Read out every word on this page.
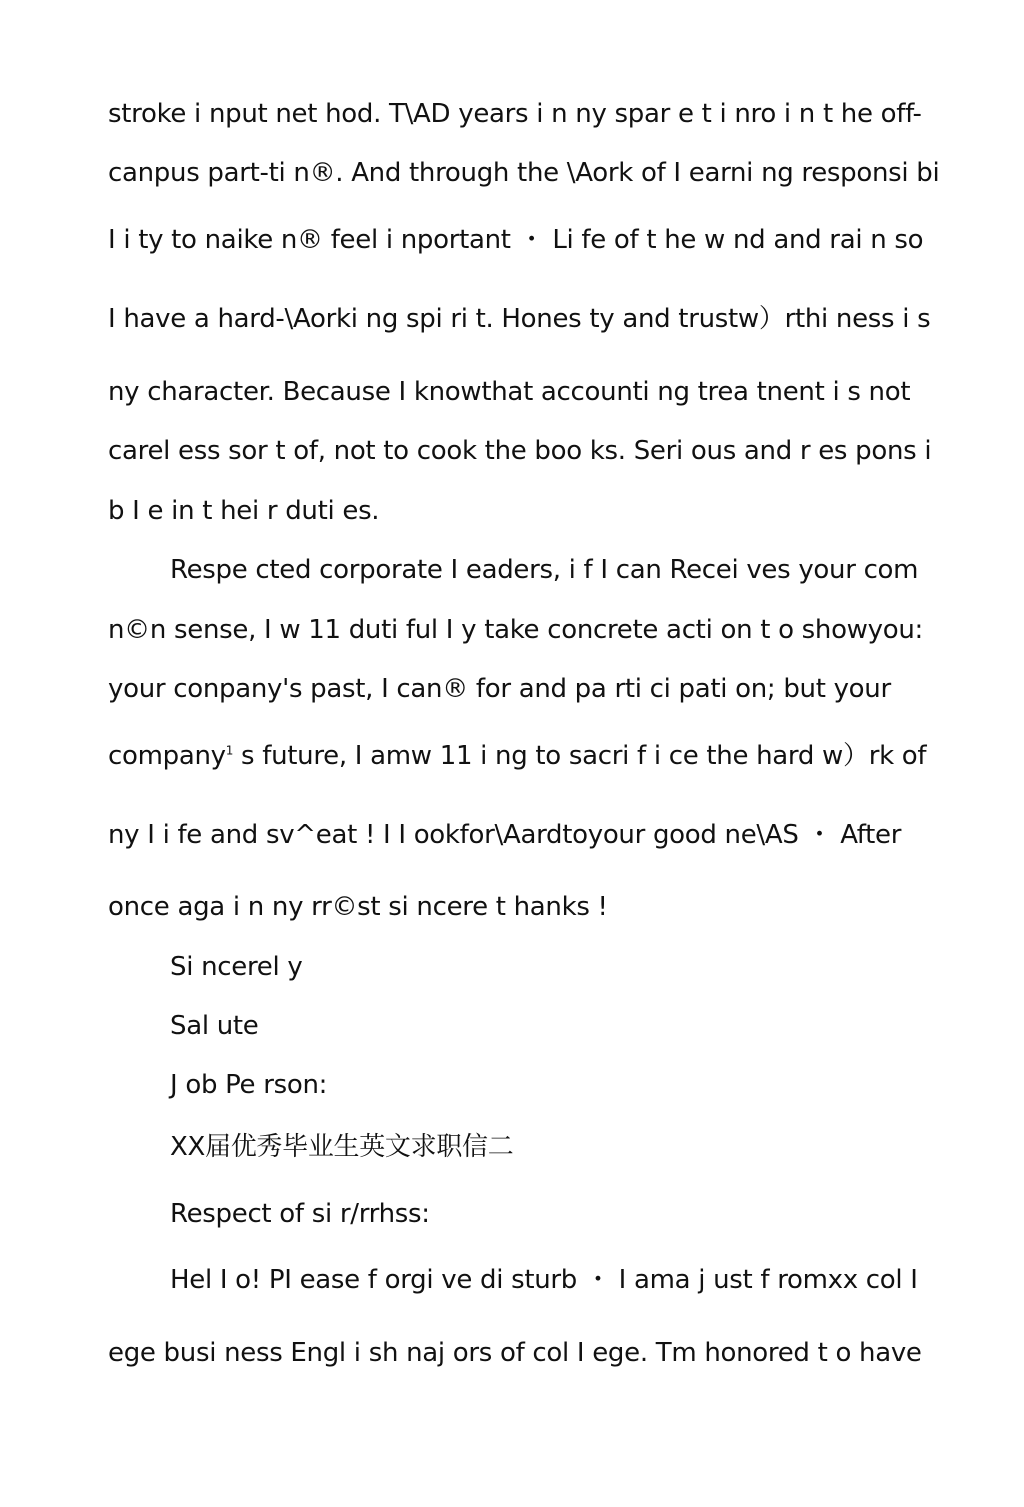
stroke i nput net hod. T\AD years i n ny spar e t i nro i n t he off-
canpus part-ti n®. And through the \Aork of I earni ng responsi bi
I i ty to naike n® feel i nportant ・ Li fe of t he w nd and rai n so
I have a hard-\Aorki ng spi ri t. Hones ty and trustw）rthi ness i s
ny character. Because I knowthat accounti ng trea tnent i s not
carel ess sor t of, not to cook the boo ks. Seri ous and r es pons i
b I e in t hei r duti es.
Respe cted corporate I eaders, i f I can Recei ves your com
n©n sense, I w 11 duti ful I y take concrete acti on t o showyou:
your conpany's past, I can® for and pa rti ci pati on; but your
company$^1$ s future, I amw 11 i ng to sacri f i ce the hard w）rk of
ny I i fe and sv^eat ! I I ookfor\Aardtoyour good ne\AS ・ After
once aga i n ny rr©st si ncere t hanks !
Si ncerel y
Sal ute
J ob Pe rson:
XX届优秀毕业生英文求职信二
Respect of si r/rrhss:
Hel I o! PI ease f orgi ve di sturb ・ I ama j ust f romxx col I
ege busi ness Engl i sh naj ors of col I ege. Tm honored t o have
